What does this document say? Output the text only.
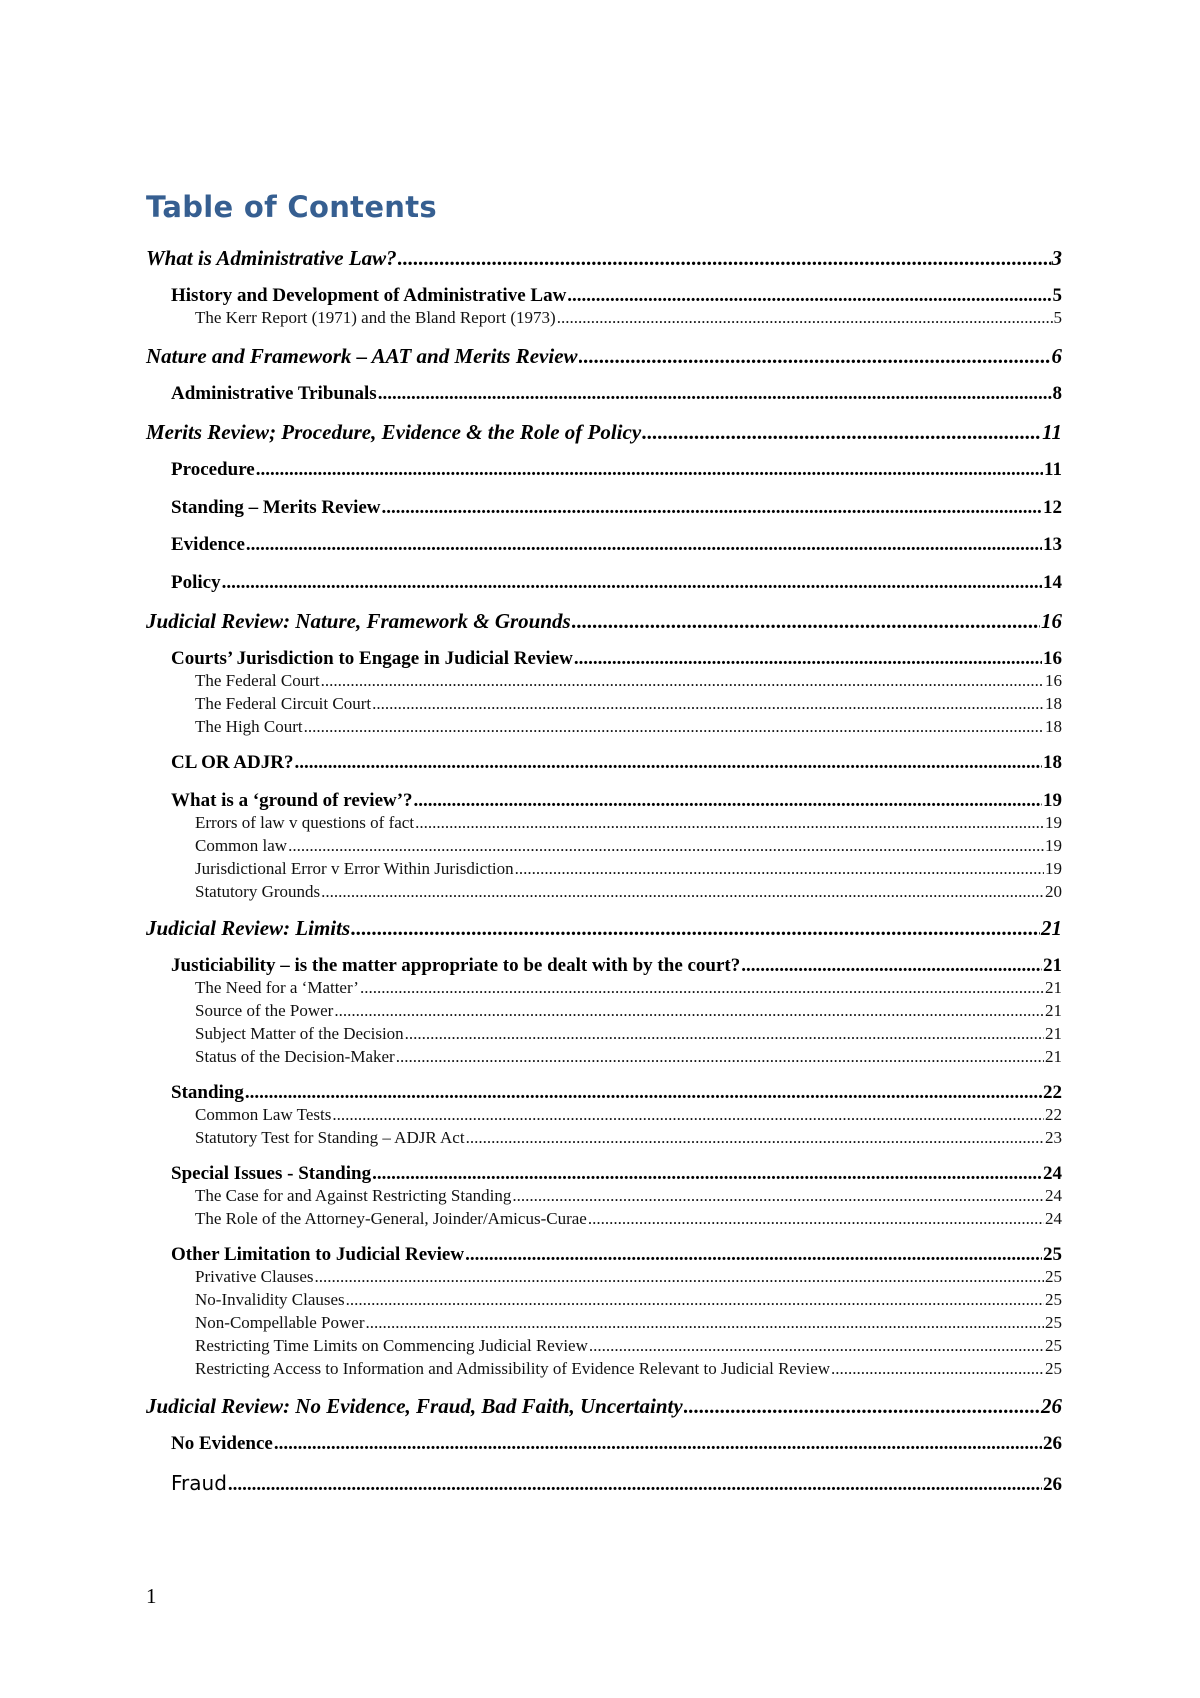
Table of Contents
What is Administrative Law? .....	3
History and Development of Administrative Law .....	5
The Kerr Report (1971) and the Bland Report (1973) .....	5
Nature and Framework – AAT and Merits Review .....	6
Administrative Tribunals .....	8
Merits Review; Procedure, Evidence & the Role of Policy .....	11
Procedure .....	11
Standing – Merits Review .....	12
Evidence .....	13
Policy .....	14
Judicial Review: Nature, Framework & Grounds .....	16
Courts’ Jurisdiction to Engage in Judicial Review .....	16
The Federal Court .....	16
The Federal Circuit Court .....	18
The High Court .....	18
CL OR ADJR? .....	18
What is a ‘ground of review’? .....	19
Errors of law v questions of fact .....	19
Common law .....	19
Jurisdictional Error v Error Within Jurisdiction .....	19
Statutory Grounds .....	20
Judicial Review: Limits .....	21
Justiciability – is the matter appropriate to be dealt with by the court? .....	21
The Need for a ‘Matter’ .....	21
Source of the Power .....	21
Subject Matter of the Decision .....	21
Status of the Decision-Maker .....	21
Standing .....	22
Common Law Tests .....	22
Statutory Test for Standing – ADJR Act .....	23
Special Issues - Standing .....	24
The Case for and Against Restricting Standing .....	24
The Role of the Attorney-General, Joinder/Amicus-Curae .....	24
Other Limitation to Judicial Review .....	25
Privative Clauses .....	25
No-Invalidity Clauses .....	25
Non-Compellable Power .....	25
Restricting Time Limits on Commencing Judicial Review .....	25
Restricting Access to Information and Admissibility of Evidence Relevant to Judicial Review .....	25
Judicial Review: No Evidence, Fraud, Bad Faith, Uncertainty .....	26
No Evidence .....	26
Fraud .....	26
1
